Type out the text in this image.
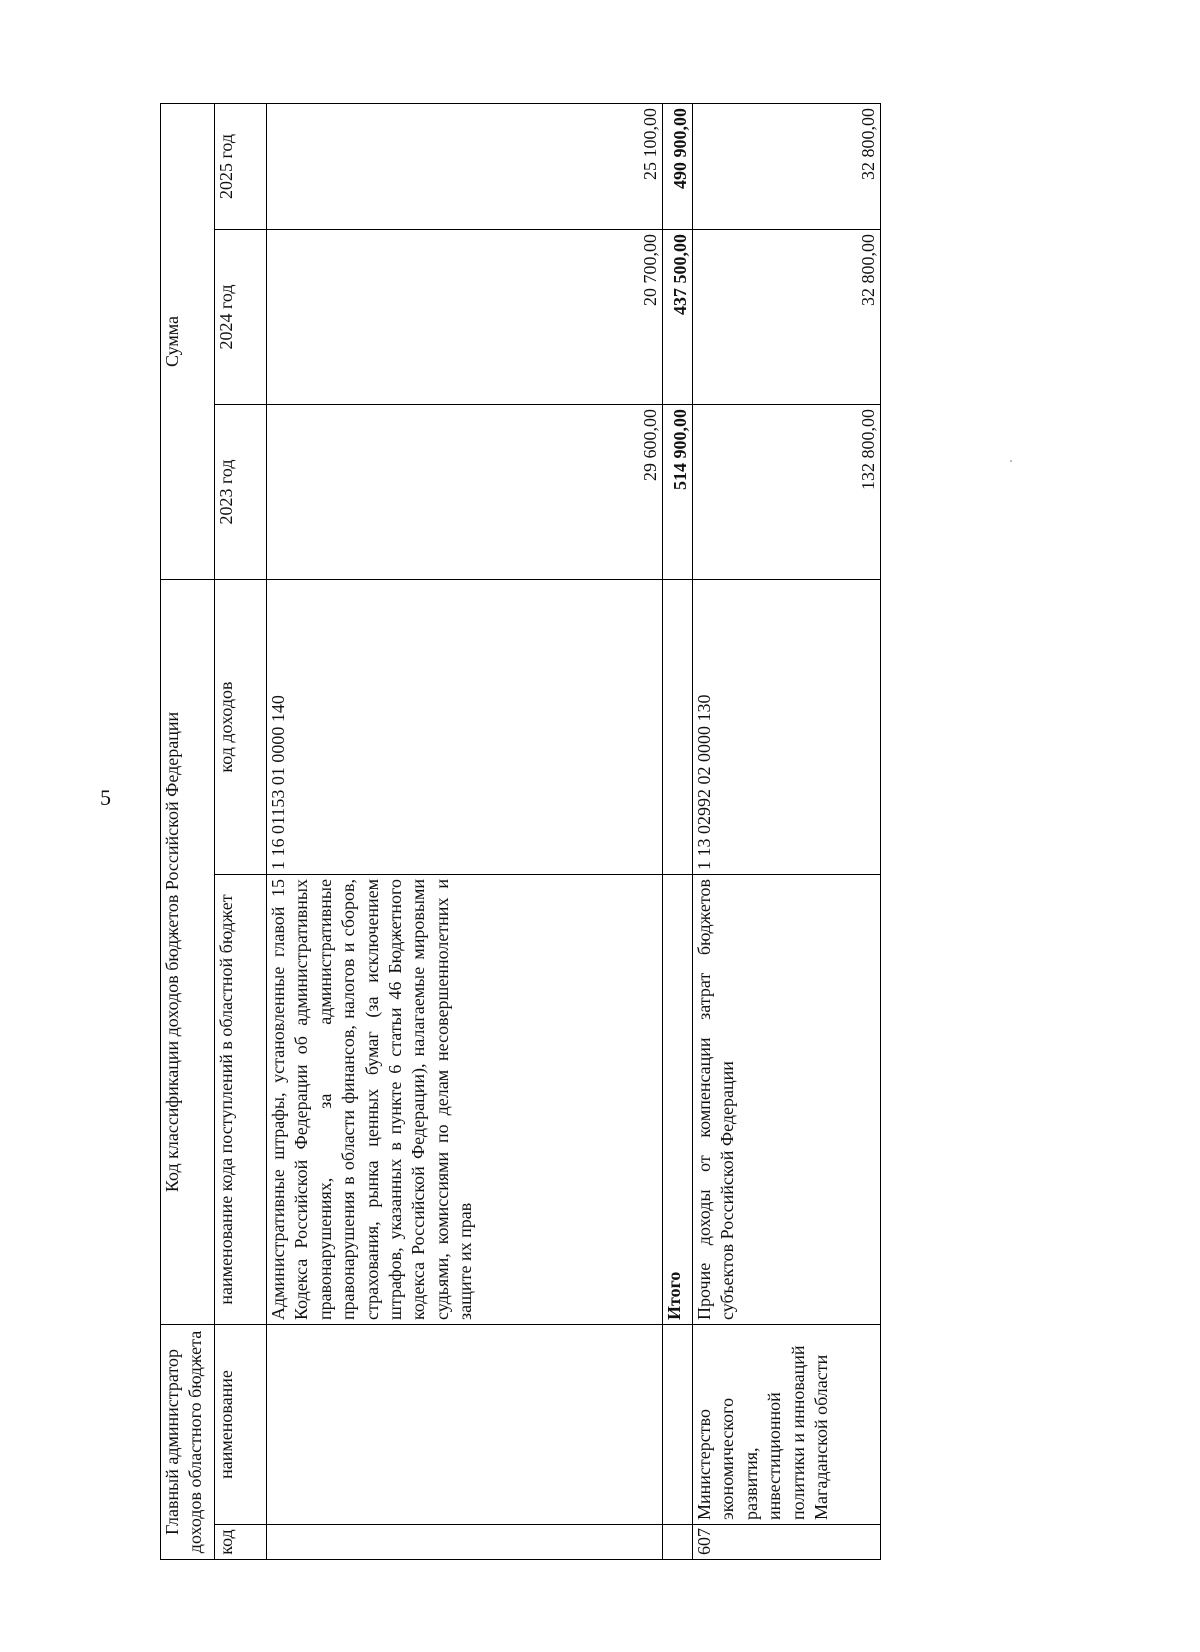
5
Главный администратор доходов областного бюджета		Код классификации доходов бюджетов Российской Федерации		Сумма		
код	наименование	наименование кода поступлений в областной бюджет	код доходов	2023 год	2024 год	2025 год
		Административные штрафы, установленные главой 15 Кодекса Российской Федерации об административных правонарушениях, за административные правонарушения в области финансов, налогов и сборов, страхования, рынка ценных бумаг (за исключением штрафов, указанных в пункте 6 статьи 46 Бюджетного кодекса Российской Федерации), налагаемые мировыми судьями, комиссиями по делам несовершеннолетних и защите их прав	1 16 01153 01 0000 140	29 600,00	20 700,00	25 100,00
		Итого		514 900,00	437 500,00	490 900,00
607	Министерство экономического развития, инвестиционной политики и инноваций Магаданской области	Прочие доходы от компенсации затрат бюджетов субъектов Российской Федерации	1 13 02992 02 0000 130	132 800,00	32 800,00	32 800,00
